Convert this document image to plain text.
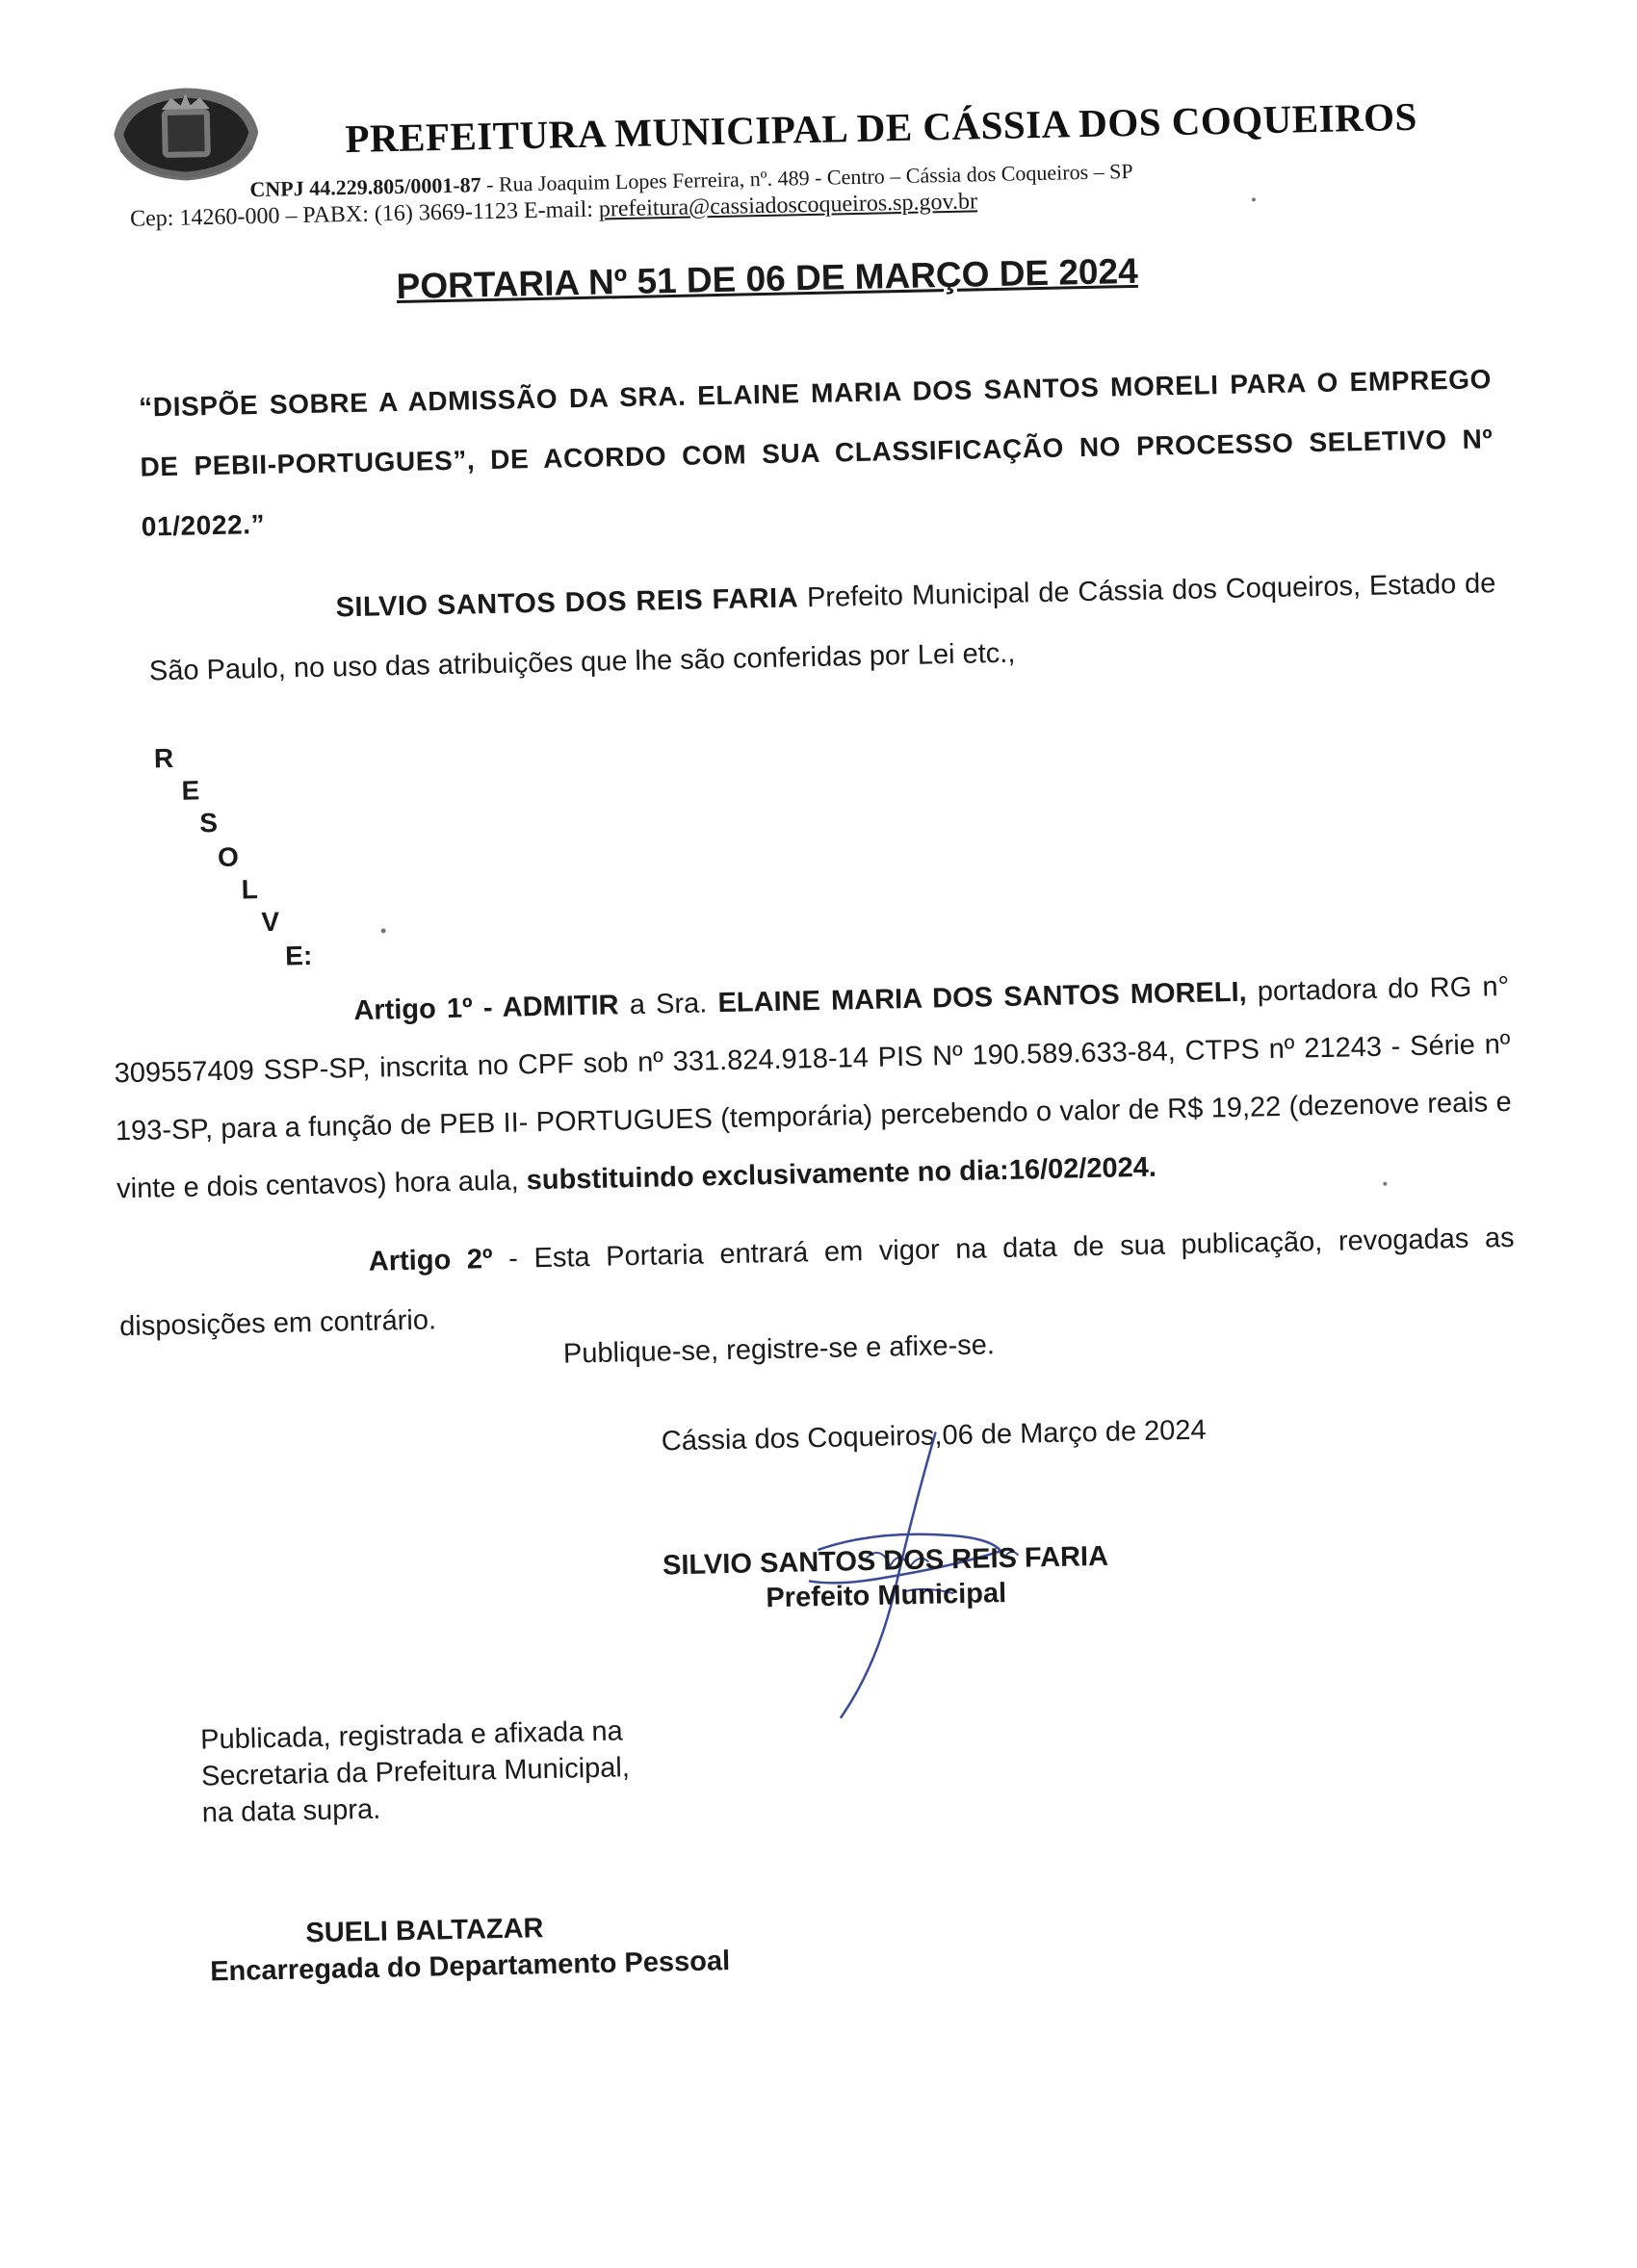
PREFEITURA MUNICIPAL DE CÁSSIA DOS COQUEIROS
CNPJ 44.229.805/0001-87 - Rua Joaquim Lopes Ferreira, nº. 489 - Centro – Cássia dos Coqueiros – SP
Cep: 14260-000 – PABX: (16) 3669-1123 E-mail: prefeitura@cassiadoscoqueiros.sp.gov.br
PORTARIA Nº 51 DE 06 DE MARÇO DE 2024
“DISPÕE SOBRE A ADMISSÃO DA SRA. ELAINE MARIA DOS SANTOS MORELI PARA O EMPREGO DE PEBII-PORTUGUES”, DE ACORDO COM SUA CLASSIFICAÇÃO NO PROCESSO SELETIVO Nº 01/2022.”
SILVIO SANTOS DOS REIS FARIA Prefeito Municipal de Cássia dos Coqueiros, Estado de São Paulo, no uso das atribuições que lhe são conferidas por Lei etc.,
R
E
S
O
L
V
E:
Artigo 1º - ADMITIR a Sra. ELAINE MARIA DOS SANTOS MORELI, portadora do RG n° 309557409 SSP-SP, inscrita no CPF sob nº 331.824.918-14 PIS Nº 190.589.633-84, CTPS nº 21243 - Série nº 193-SP, para a função de PEB II- PORTUGUES (temporária) percebendo o valor de R$ 19,22 (dezenove reais e vinte e dois centavos) hora aula, substituindo exclusivamente no dia:16/02/2024.
Artigo 2º - Esta Portaria entrará em vigor na data de sua publicação, revogadas as disposições em contrário.
Publique-se, registre-se e afixe-se.
Cássia dos Coqueiros,06 de Março de 2024
SILVIO SANTOS DOS REIS FARIA
Prefeito Municipal
Publicada, registrada e afixada na
Secretaria da Prefeitura Municipal,
na data supra.
SUELI BALTAZAR
Encarregada do Departamento Pessoal
